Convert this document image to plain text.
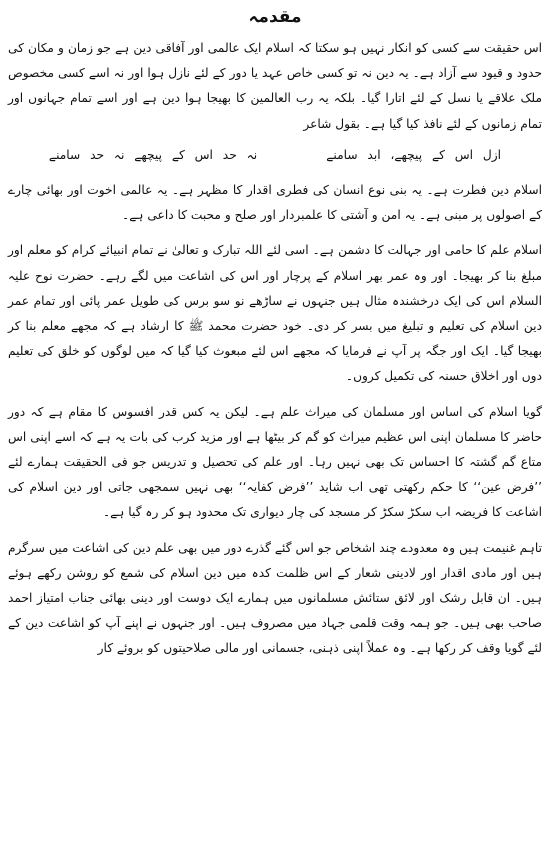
مقدمہ

اس حقیقت سے کسی کو انکار نہیں ہو سکتا کہ اسلام ایک عالمی اور آفاقی دین ہے جو زمان و مکان کی حدود و قیود سے آزاد ہے۔ یہ دین نہ تو کسی خاص عہد یا دور کے لئے نازل ہوا اور نہ اسے کسی مخصوص ملک علاقے یا نسل کے لئے اتارا گیا۔ بلکہ یہ رب العالمین کا بھیجا ہوا دین ہے اور اسے تمام جہانوں اور تمام زمانوں کے لئے نافذ کیا گیا ہے۔ بقول شاعر

ازل اس کے پیچھے، ابد سامنے       نہ حد اس کے پیچھے نہ حد سامنے

اسلام دین فطرت ہے۔ یہ بنی نوع انسان کی فطری اقدار کا مظہر ہے۔ یہ عالمی اخوت اور بھائی چارے کے اصولوں پر مبنی ہے۔ یہ امن و آشتی کا علمبردار اور صلح و محبت کا داعی ہے۔

اسلام علم کا حامی اور جہالت کا دشمن ہے۔ اسی لئے اللہ تبارک و تعالیٰ نے تمام انبیائے کرام کو معلم اور مبلغ بنا کر بھیجا۔ اور وہ عمر بھر اسلام کے پرچار اور اس کی اشاعت میں لگے رہے۔ حضرت نوح علیہ السلام اس کی ایک درخشندہ مثال ہیں جنہوں نے ساڑھے نو سو برس کی طویل عمر پائی اور تمام عمر دین اسلام کی تعلیم و تبلیغ میں بسر کر دی۔ خود حضرت محمد ﷺ کا ارشاد ہے کہ مجھے معلم بنا کر بھیجا گیا۔ ایک اور جگہ پر آپ نے فرمایا کہ مجھے اس لئے مبعوث کیا گیا کہ میں لوگوں کو خلق کی تعلیم دوں اور اخلاق حسنہ کی تکمیل کروں۔

گویا اسلام کی اساس اور مسلمان کی میراث علم ہے۔ لیکن یہ کس قدر افسوس کا مقام ہے کہ دور حاضر کا مسلمان اپنی اس عظیم میراث کو گم کر بیٹھا ہے اور مزید کرب کی بات یہ ہے کہ اسے اپنی اس متاع گم گشتہ کا احساس تک بھی نہیں رہا۔ اور علم کی تحصیل و تدریس جو فی الحقیقت ہمارے لئے ’’فرض عین‘‘ کا حکم رکھتی تھی اب شاید ’’فرض کفایہ‘‘ بھی نہیں سمجھی جاتی اور دین اسلام کی اشاعت کا فریضہ اب سکڑ سکڑ کر مسجد کی چار دیواری تک محدود ہو کر رہ گیا ہے۔

تاہم غنیمت ہیں وہ معدودے چند اشخاص جو اس گئے گذرے دور میں بھی علم دین کی اشاعت میں سرگرم ہیں اور مادی اقدار اور لادینی شعار کے اس ظلمت کدہ میں دین اسلام کی شمع کو روشن رکھے ہوئے ہیں۔ ان قابل رشک اور لائق ستائش مسلمانوں میں ہمارے ایک دوست اور دینی بھائی جناب امتیاز احمد صاحب بھی ہیں۔ جو ہمہ وقت قلمی جہاد میں مصروف ہیں۔ اور جنہوں نے اپنے آپ کو اشاعت دین کے لئے گویا وقف کر رکھا ہے۔ وہ عملاً اپنی ذہنی، جسمانی اور مالی صلاحیتوں کو بروئے کار
